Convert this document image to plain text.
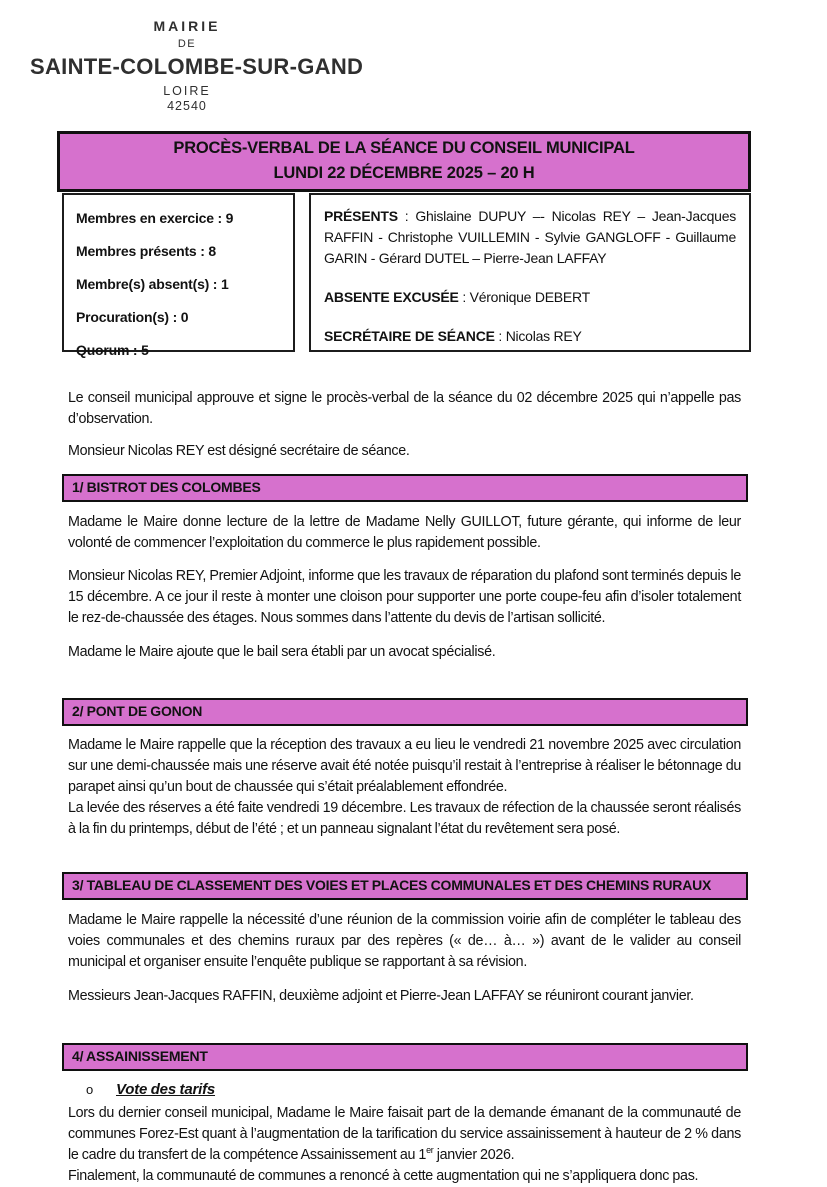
MAIRIE
DE
SAINTE-COLOMBE-SUR-GAND
LOIRE
42540
PROCÈS-VERBAL DE LA SÉANCE DU CONSEIL MUNICIPAL
LUNDI 22 DÉCEMBRE 2025 – 20 H

Membres en exercice : 9

Membres présents : 8

Membre(s) absent(s) : 1

Procuration(s) : 0

Quorum : 5

PRÉSENTS : Ghislaine DUPUY –- Nicolas REY – Jean-Jacques RAFFIN - Christophe VUILLEMIN - Sylvie GANGLOFF - Guillaume GARIN - Gérard DUTEL – Pierre-Jean LAFFAY

ABSENTE EXCUSÉE : Véronique DEBERT

SECRÉTAIRE DE SÉANCE : Nicolas REY

Le conseil municipal approuve et signe le procès-verbal de la séance du 02 décembre 2025 qui n’appelle pas d’observation.

Monsieur Nicolas REY est désigné secrétaire de séance.

1/ BISTROT DES COLOMBES

Madame le Maire donne lecture de la lettre de Madame Nelly GUILLOT, future gérante, qui informe de leur volonté de commencer l’exploitation du commerce le plus rapidement possible.

Monsieur Nicolas REY, Premier Adjoint, informe que les travaux de réparation du plafond sont terminés depuis le 15 décembre. A ce jour il reste à monter une cloison pour supporter une porte coupe-feu afin d’isoler totalement le rez-de-chaussée des étages. Nous sommes dans l’attente du devis de l’artisan sollicité.

Madame le Maire ajoute que le bail sera établi par un avocat spécialisé.

2/ PONT DE GONON

Madame le Maire rappelle que la réception des travaux a eu lieu le vendredi 21 novembre 2025 avec circulation sur une demi-chaussée mais une réserve avait été notée puisqu’il restait à l’entreprise à réaliser le bétonnage du parapet ainsi qu’un bout de chaussée qui s’était préalablement effondrée.

La levée des réserves a été faite vendredi 19 décembre. Les travaux de réfection de la chaussée seront réalisés à la fin du printemps, début de l’été ; et un panneau signalant l’état du revêtement sera posé.

3/ TABLEAU DE CLASSEMENT DES VOIES ET PLACES COMMUNALES ET DES CHEMINS RURAUX

Madame le Maire rappelle la nécessité d’une réunion de la commission voirie afin de compléter le tableau des voies communales et des chemins ruraux par des repères (« de… à… ») avant de le valider au conseil municipal et organiser ensuite l’enquête publique se rapportant à sa révision.

Messieurs Jean-Jacques RAFFIN, deuxième adjoint et Pierre-Jean LAFFAY se réuniront courant janvier.

4/ ASSAINISSEMENT
o	Vote des tarifs

Lors du dernier conseil municipal, Madame le Maire faisait part de la demande émanant de la communauté de communes Forez-Est quant à l’augmentation de la tarification du service assainissement à hauteur de 2 % dans le cadre du transfert de la compétence Assainissement au 1er janvier 2026.

Finalement, la communauté de communes a renoncé à cette augmentation qui ne s’appliquera donc pas.
